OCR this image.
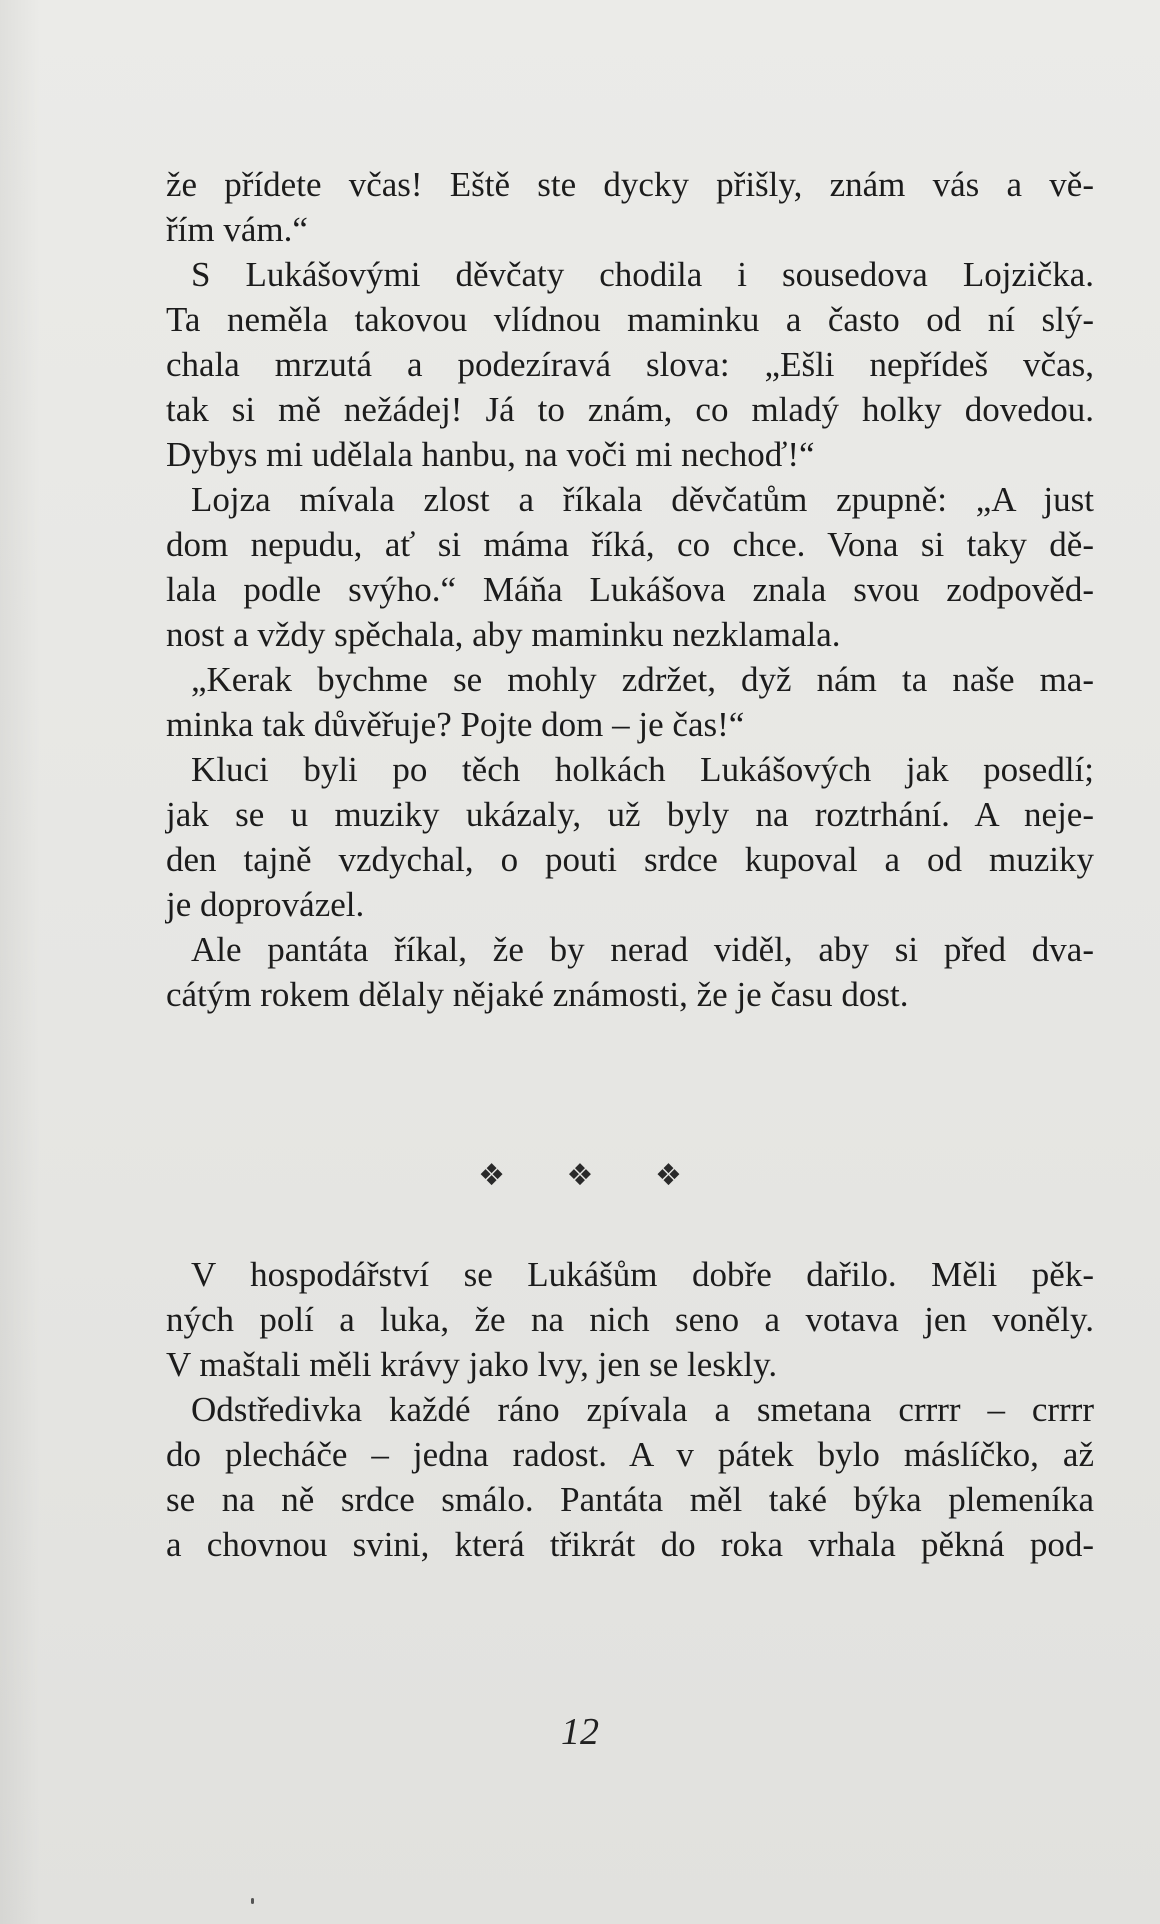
že přídete včas! Eště ste dycky přišly, znám vás a vě-
řím vám.“
S Lukášovými děvčaty chodila i sousedova Lojzička.
Ta neměla takovou vlídnou maminku a často od ní slý-
chala mrzutá a podezíravá slova: „Ešli nepřídeš včas,
tak si mě nežádej! Já to znám, co mladý holky dovedou.
Dybys mi udělala hanbu, na voči mi nechoď!“
Lojza mívala zlost a říkala děvčatům zpupně: „A just
dom nepudu, ať si máma říká, co chce. Vona si taky dě-
lala podle svýho.“ Máňa Lukášova znala svou zodpověd-
nost a vždy spěchala, aby maminku nezklamala.
„Kerak bychme se mohly zdržet, dyž nám ta naše ma-
minka tak důvěřuje? Pojte dom – je čas!“
Kluci byli po těch holkách Lukášových jak posedlí;
jak se u muziky ukázaly, už byly na roztrhání. A neje-
den tajně vzdychal, o pouti srdce kupoval a od muziky
je doprovázel.
Ale pantáta říkal, že by nerad viděl, aby si před dva-
cátým rokem dělaly nějaké známosti, že je času dost.
❖ ❖ ❖
V hospodářství se Lukášům dobře dařilo. Měli pěk-
ných polí a luka, že na nich seno a votava jen voněly.
V maštali měli krávy jako lvy, jen se leskly.
Odstředivka každé ráno zpívala a smetana crrrr – crrrr
do plecháče – jedna radost. A v pátek bylo máslíčko, až
se na ně srdce smálo. Pantáta měl také býka plemeníka
a chovnou svini, která třikrát do roka vrhala pěkná pod-
12
